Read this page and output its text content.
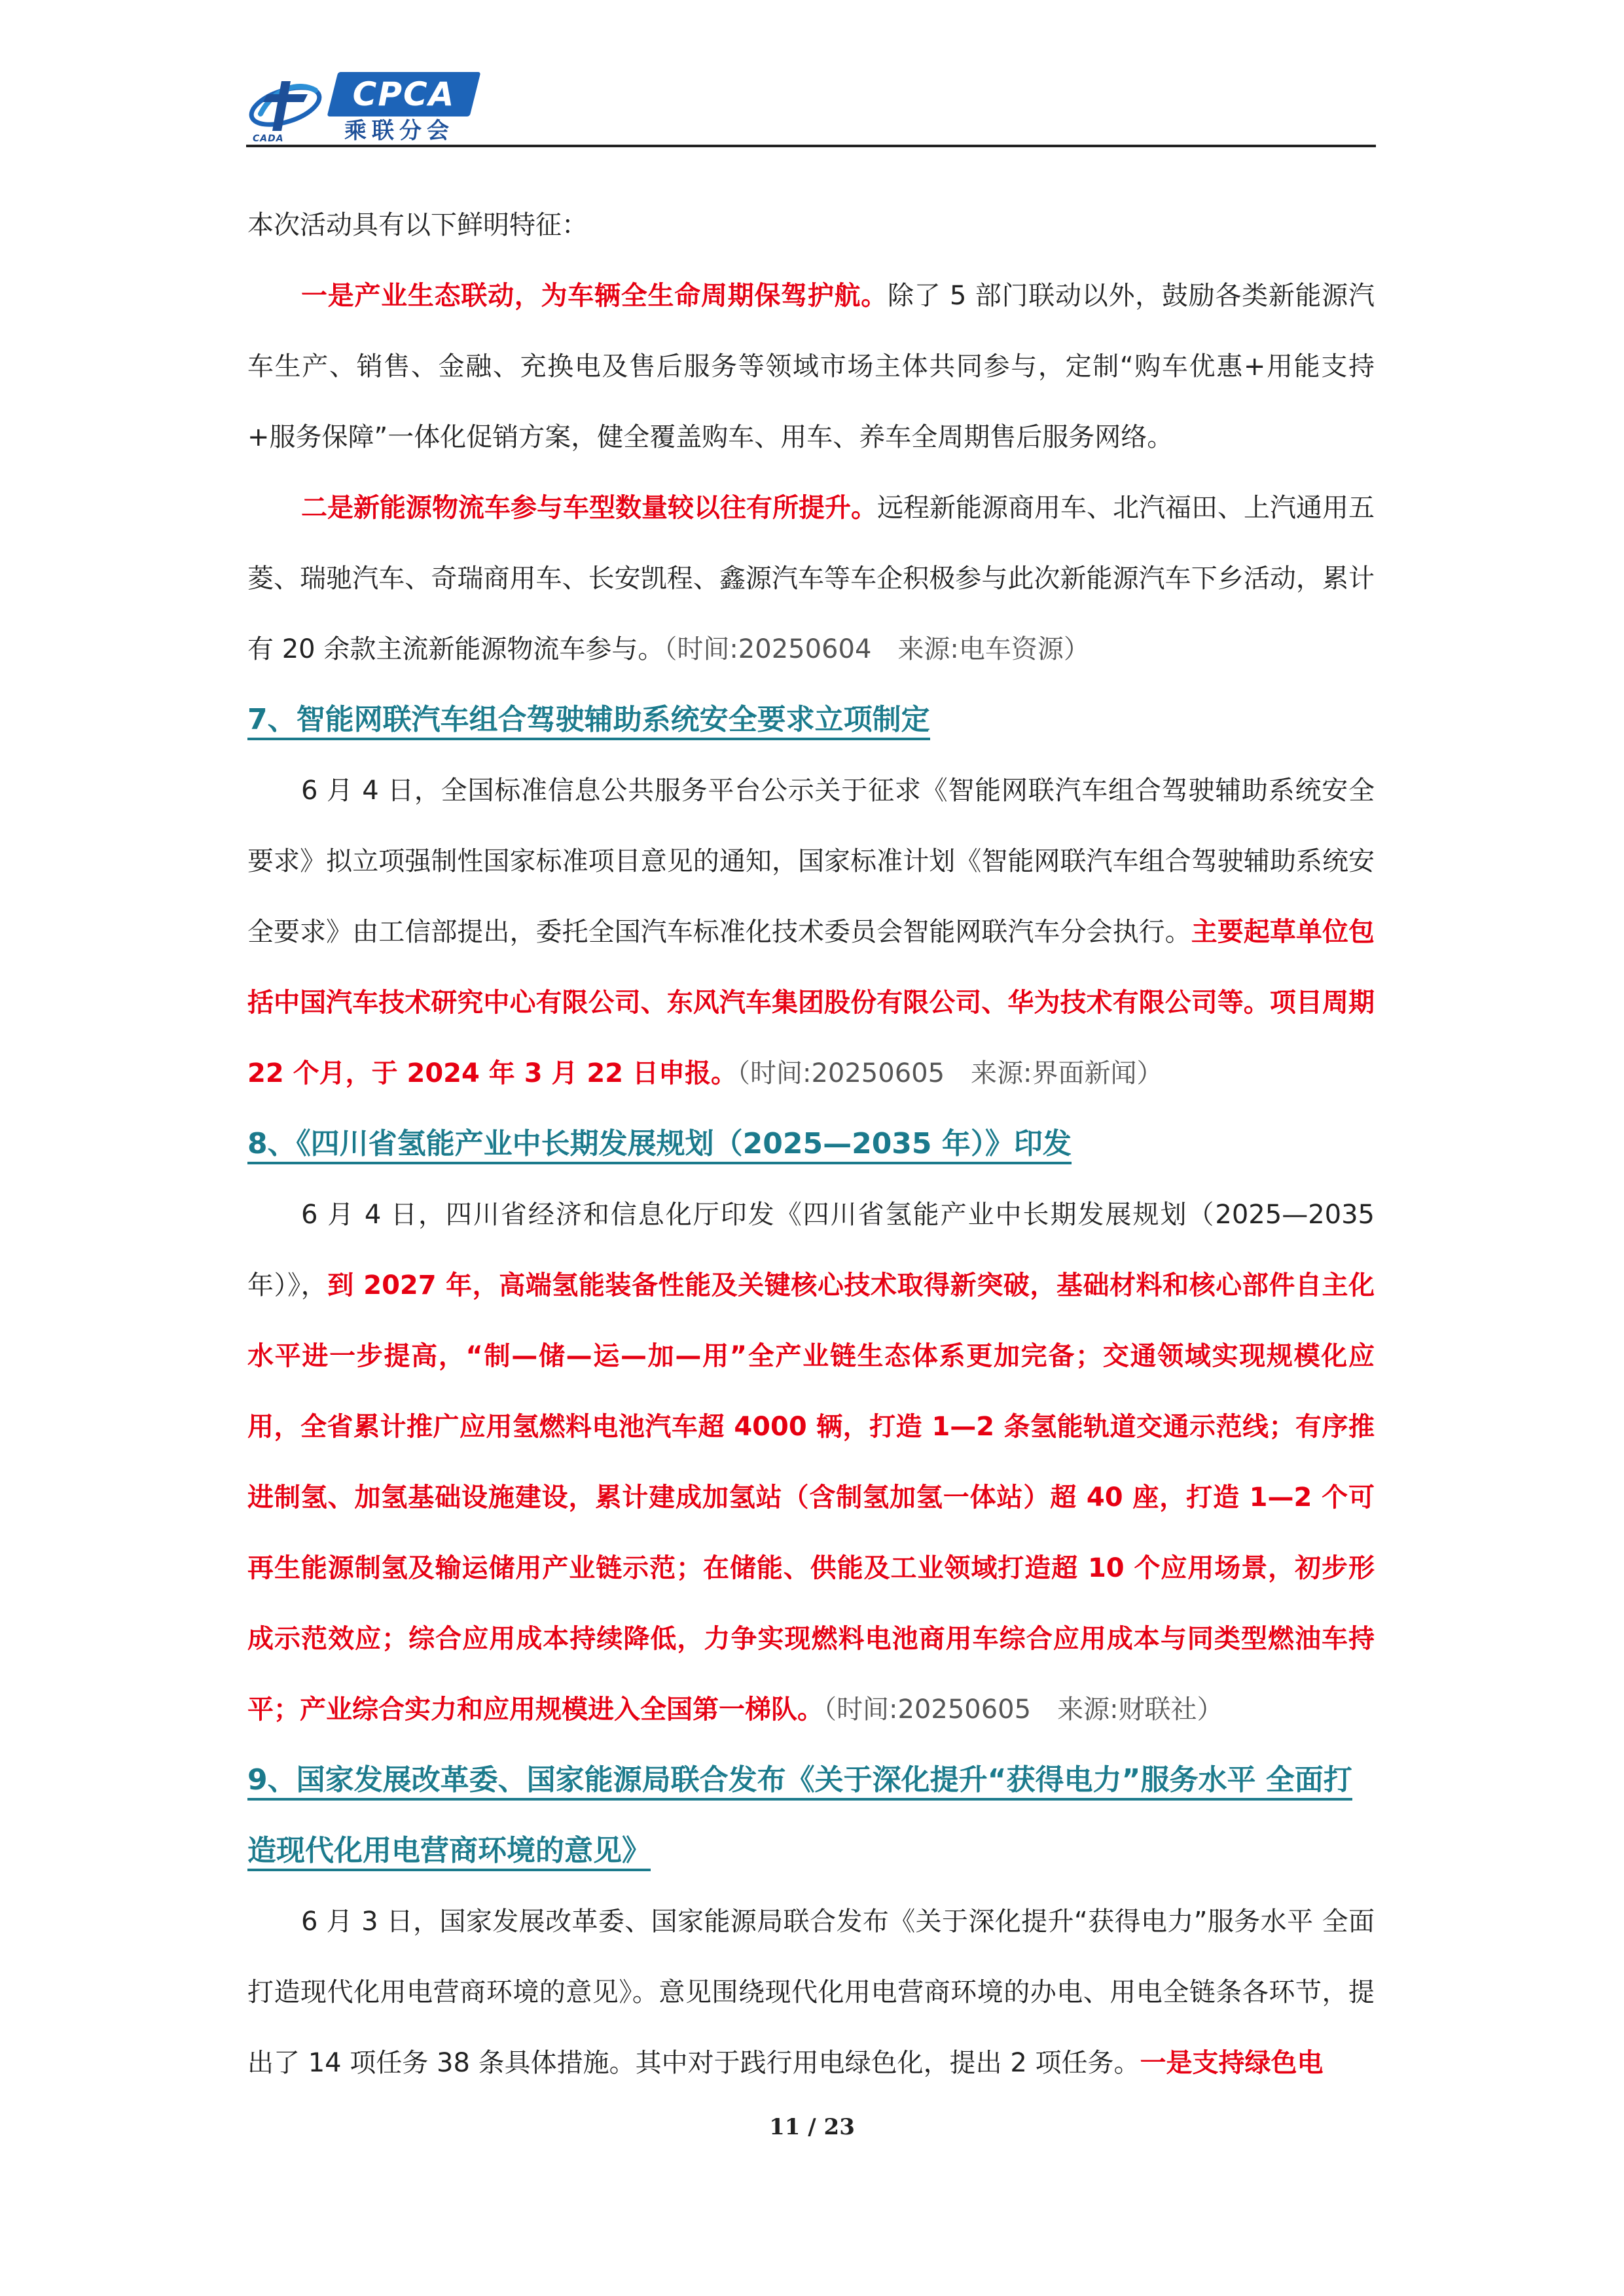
CADA
CPCA
乘联分会

本次活动具有以下鲜明特征：

一是产业生态联动，为车辆全生命周期保驾护航。除了 5 部门联动以外，鼓励各类新能源汽车生产、销售、金融、充换电及售后服务等领域市场主体共同参与，定制“购车优惠+用能支持+服务保障”一体化促销方案，健全覆盖购车、用车、养车全周期售后服务网络。

二是新能源物流车参与车型数量较以往有所提升。远程新能源商用车、北汽福田、上汽通用五菱、瑞驰汽车、奇瑞商用车、长安凯程、鑫源汽车等车企积极参与此次新能源汽车下乡活动，累计有 20 余款主流新能源物流车参与。（时间:20250604　来源:电车资源）

7、智能网联汽车组合驾驶辅助系统安全要求立项制定

6 月 4 日，全国标准信息公共服务平台公示关于征求《智能网联汽车组合驾驶辅助系统安全要求》拟立项强制性国家标准项目意见的通知，国家标准计划《智能网联汽车组合驾驶辅助系统安全要求》由工信部提出，委托全国汽车标准化技术委员会智能网联汽车分会执行。主要起草单位包括中国汽车技术研究中心有限公司、东风汽车集团股份有限公司、华为技术有限公司等。项目周期 22 个月，于 2024 年 3 月 22 日申报。（时间:20250605　来源:界面新闻）

8、《四川省氢能产业中长期发展规划（2025—2035 年）》印发

6 月 4 日，四川省经济和信息化厅印发《四川省氢能产业中长期发展规划（2025—2035 年）》，到 2027 年，高端氢能装备性能及关键核心技术取得新突破，基础材料和核心部件自主化水平进一步提高，“制—储—运—加—用”全产业链生态体系更加完备；交通领域实现规模化应用，全省累计推广应用氢燃料电池汽车超 4000 辆，打造 1—2 条氢能轨道交通示范线；有序推进制氢、加氢基础设施建设，累计建成加氢站（含制氢加氢一体站）超 40 座，打造 1—2 个可再生能源制氢及输运储用产业链示范；在储能、供能及工业领域打造超 10 个应用场景，初步形成示范效应；综合应用成本持续降低，力争实现燃料电池商用车综合应用成本与同类型燃油车持平；产业综合实力和应用规模进入全国第一梯队。（时间:20250605　来源:财联社）

9、国家发展改革委、国家能源局联合发布《关于深化提升“获得电力”服务水平 全面打造现代化用电营商环境的意见》

6 月 3 日，国家发展改革委、国家能源局联合发布《关于深化提升“获得电力”服务水平 全面打造现代化用电营商环境的意见》。意见围绕现代化用电营商环境的办电、用电全链条各环节，提出了 14 项任务 38 条具体措施。其中对于践行用电绿色化，提出 2 项任务。一是支持绿色电

11 / 23
